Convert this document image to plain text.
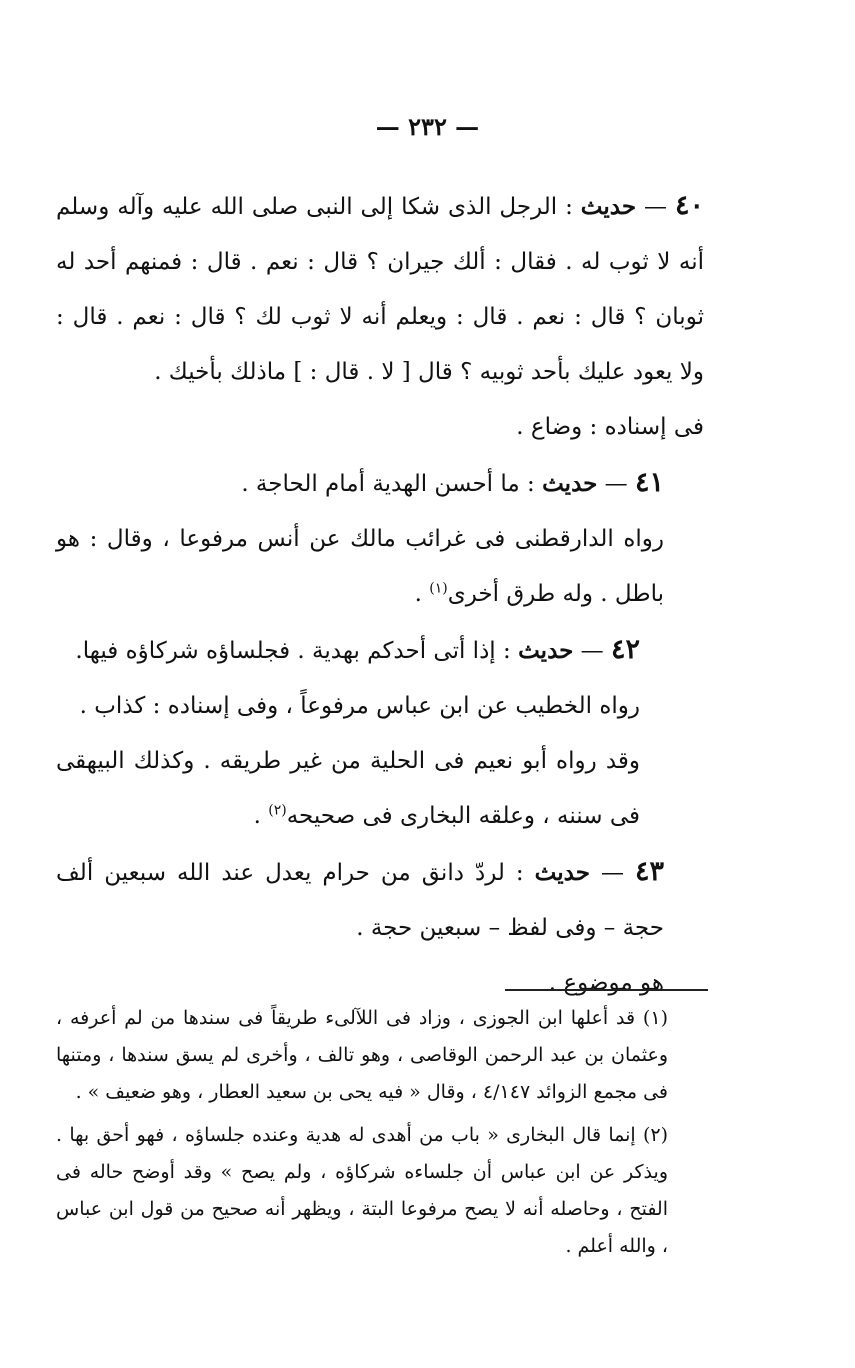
— ٢٣٢ —

٤٠ — حديث : الرجل الذى شكا إلى النبى صلى الله عليه وآله وسلم أنه لا ثوب له . فقال : ألك جيران ؟ قال : نعم . قال : فمنهم أحد له ثوبان ؟ قال : نعم . قال : ويعلم أنه لا ثوب لك ؟ قال : نعم . قال : ولا يعود عليك بأحد ثوبيه ؟ قال [ لا . قال : ] ماذلك بأخيك .

فى إسناده : وضاع .

٤١ — حديث : ما أحسن الهدية أمام الحاجة .

رواه الدارقطنى فى غرائب مالك عن أنس مرفوعا ، وقال : هو باطل . وله طرق أخرى$^{(١)}$ .

٤٢ — حديث : إذا أتى أحدكم بهدية . فجلساؤه شركاؤه فيها.

رواه الخطيب عن ابن عباس مرفوعاً ، وفى إسناده : كذاب .

وقد رواه أبو نعيم فى الحلية من غير طريقه . وكذلك البيهقى فى سننه ، وعلقه البخارى فى صحيحه$^{(٢)}$ .

٤٣ — حديث : لردّ دانق من حرام يعدل عند الله سبعين ألف حجة – وفى لفظ – سبعين حجة .

هو موضوع .

(١) قد أعلها ابن الجوزى ، وزاد فى اللآلىء طريقاً فى سندها من لم أعرفه ، وعثمان بن عبد الرحمن الوقاصى ، وهو تالف ، وأخرى لم يسق سندها ، ومتنها فى مجمع الزوائد ٤/١٤٧ ، وقال « فيه يحى بن سعيد العطار ، وهو ضعيف » .

(٢) إنما قال البخارى « باب من أهدى له هدية وعنده جلساؤه ، فهو أحق بها . ويذكر عن ابن عباس أن جلساءه شركاؤه ، ولم يصح » وقد أوضح حاله فى الفتح ، وحاصله أنه لا يصح مرفوعا البتة ، ويظهر أنه صحيح من قول ابن عباس ، والله أعلم .
